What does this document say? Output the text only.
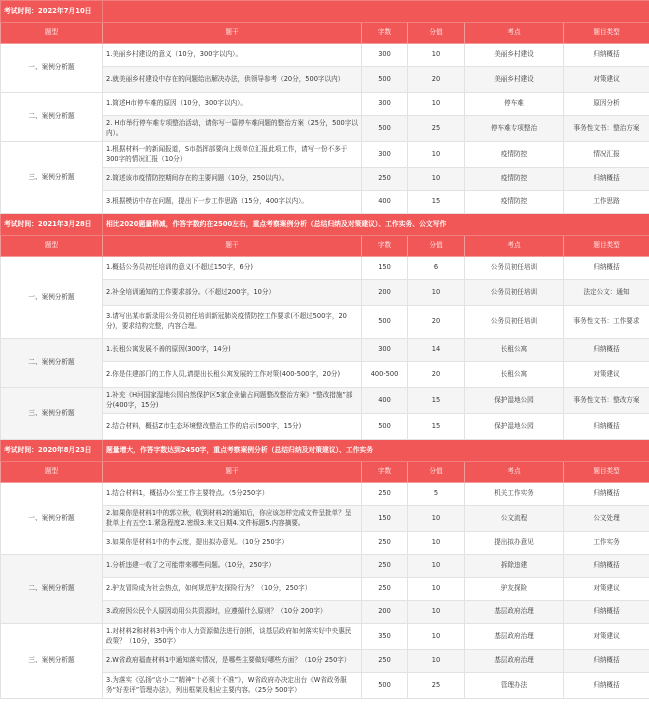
考试时间：2022年7月10日					
题型	题干	字数	分值	考点	题目类型
一、案例分析题	1.美丽乡村建设的意义（10分，300字以内）。	300	10	美丽乡村建设	归纳概括
	2.就美丽乡村建设中存在的问题给出解决办法，供领导参考（20分，500字以内）	500	20	美丽乡村建设	对策建议
二、案例分析题	1.简述H市停车难的原因（10分，300字以内）。	300	10	停车难	原因分析
	2. H市举行停车难专项整治活动，请你写一篇停车难问题的整治方案（25分，500字以内）。	500	25	停车难专项整治	事务性文书：整治方案
三、案例分析题	1.根据材料一的新闻报道，S市指挥部要向上级单位汇报此项工作，请写一份不多于300字的情况汇报（10分）	300	10	疫情防控	情况汇报
	2.简述该市疫情防控期间存在的主要问题（10分，250以内）。	250	10	疫情防控	归纳概括
	3.根据模访中存在问题，提出下一步工作思路（15分，400字以内）。	400	15	疫情防控	工作思路
考试时间：2021年3月28日	相比2020题量稍减，作答字数约在2500左右，重点考察案例分析（总结归纳及对策建议）、工作实务、公文写作				
题型	题干	字数	分值	考点	题目类型
一、案例分析题	1.概括公务员初任培训的意义(不超过150字，6分)	150	6	公务员初任培训	归纳概括
	2.补全培训通知的工作要求部分。（不超过200字，10分）	200	10	公务员初任培训	法定公文：通知
	3.请写出某市新录用公务员初任培训新冠肺炎疫情防控工作要求(不超过500字，20分)，要求结构完整，内容合理。	500	20	公务员初任培训	事务性文书：工作要求
二、案例分析题	1.长租公寓发展不善的原因(300字，14分)	300	14	长租公寓	归纳概括
	2.你是住建部门的工作人员,请提出长租公寓发展的工作对策(400-500字，20分)	400-500	20	长租公寓	对策建议
三、案例分析题	1.补充《H河国家湿地公园自然保护区5家企业偷占问题整改整治方案》“整改措施”部分(400字，15分)	400	15	保护湿地公园	事务性文书：整改方案
	2.结合材料，概括Z市生态环境整改整治工作的启示(500字，15分)	500	15	保护湿地公园	归纳概括
考试时间：2020年8月23日	题量增大，作答字数达到2450字，重点考察案例分析（总结归纳及对策建议）、工作实务				
题型	题干	字数	分值	考点	题目类型
一、案例分析题	1.结合材料1，概括办公室工作主要特点。（5分250字）	250	5	机关工作实务	归纳概括
	2.如果你是材料1中的郭立秋，收到材料2的通知后，你应该怎样完成文件呈批单？呈批单上有五空:1.紧急程度2.密级3.来文日期4.文件标题5.内容摘要。	150	10	公文流程	公文处理
	3.如果你是材料1中的李云度，提出拟办意见。（10分 250字）	250	10	提出拟办意见	工作实务
二、案例分析题	1.分析违建一收了之可能带来哪些问题。（10分，250字）	250	10	拆除违建	归纳概括
	2.驴友冒险成为社会热点，如何规范驴友探险行为？（10分，250字）	250	10	驴友探险	对策建议
	3.政府因公民个人原因动用公共资源时，应遵循什么原则？（10分 200字）	200	10	基层政府治理	归纳概括
三、案例分析题	1.对材料2和材料3中两个市人力资源做法进行剖析，谈基层政府如何落实好中央惠民政策？（10分，350字）	350	10	基层政府治理	对策建议
	2.W省政府福查材料1中通知落实情况，是哪些主要做好哪些方面？（10分 250字）	250	10	基层政府治理	归纳概括
	3.为落实《弘扬“店小二”精神“十必须十不准”》，W省政府办决定出台《W省政务服务“好差评”管理办法》，列出框架及相应主要内容。（25分 500字）	500	25	管理办法	归纳概括
